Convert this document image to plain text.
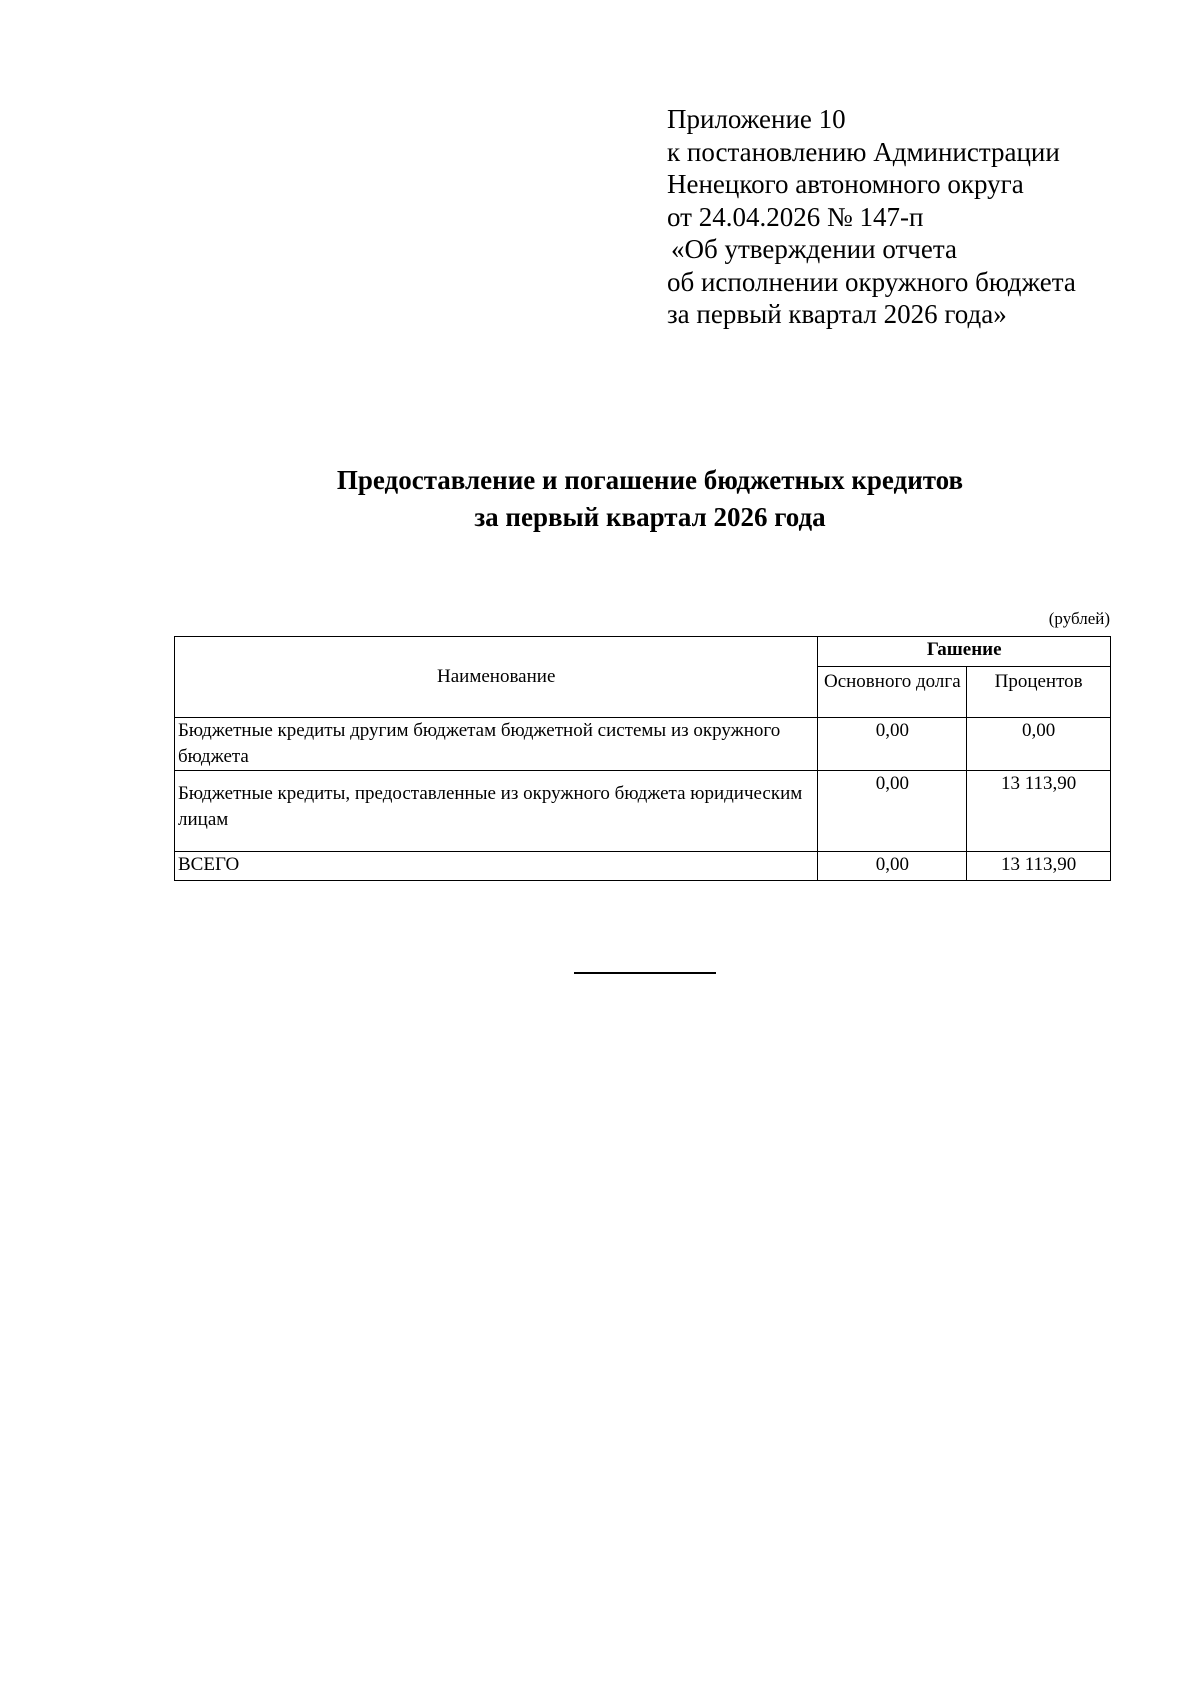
Приложение 10
к постановлению Администрации
Ненецкого автономного округа
от 24.04.2026 № 147-п
«Об утверждении отчета
об исполнении окружного бюджета
за первый квартал 2026 года»
Предоставление и погашение бюджетных кредитов
за первый квартал 2026 года
(рублей)
Наименование	Гашение	
	Основного долга	Процентов
Бюджетные кредиты другим бюджетам бюджетной системы из окружного бюджета	0,00	0,00
Бюджетные кредиты, предоставленные из окружного бюджета юридическим лицам	0,00	13 113,90
ВСЕГО	0,00	13 113,90
